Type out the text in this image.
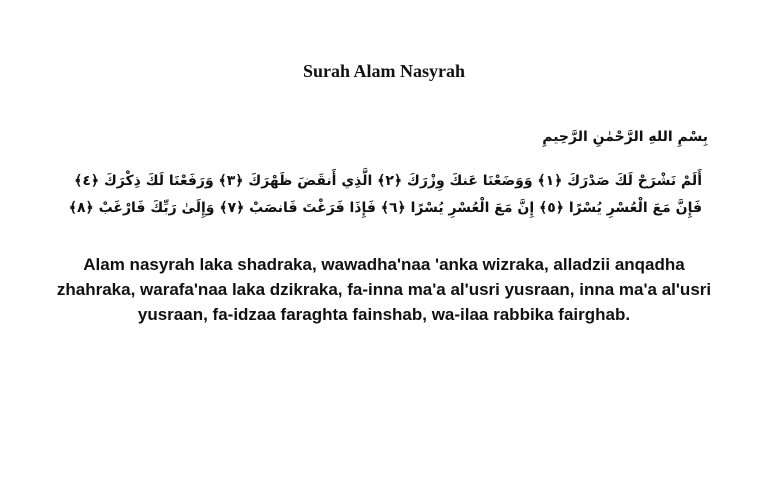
Surah Alam Nasyrah

بِسْمِ اللهِ الرَّحْمٰنِ الرَّحِيمِ

أَلَمْ نَشْرَحْ لَكَ صَدْرَكَ ﴿١﴾ وَوَضَعْنَا عَنكَ وِزْرَكَ ﴿٢﴾ الَّذِي أَنقَضَ ظَهْرَكَ ﴿٣﴾ وَرَفَعْنَا لَكَ ذِكْرَكَ ﴿٤﴾ فَإِنَّ مَعَ الْعُسْرِ يُسْرًا ﴿٥﴾ إِنَّ مَعَ الْعُسْرِ يُسْرًا ﴿٦﴾ فَإِذَا فَرَغْتَ فَانصَبْ ﴿٧﴾ وَإِلَىٰ رَبِّكَ فَارْغَبْ ﴿٨﴾

Alam nasyrah laka shadraka, wawadha'naa 'anka wizraka, alladzii anqadha zhahraka, warafa'naa laka dzikraka, fa-inna ma'a al'usri yusraan, inna ma'a al'usri yusraan, fa-idzaa faraghta fainshab, wa-ilaa rabbika fairghab.
